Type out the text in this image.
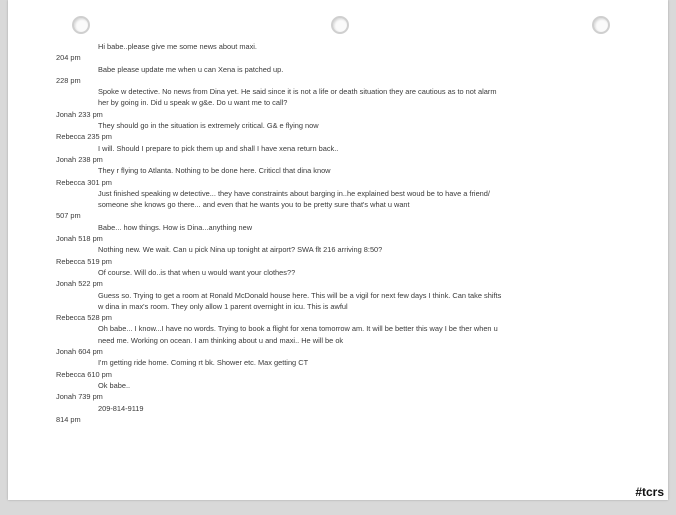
Hi babe..please give me some news about maxi.
204 pm
Babe please update me when u can Xena is patched up.
228 pm
Spoke w detective. No news from Dina yet. He said since it is not a life or death situation they are cautious as to not alarm
her by going in. Did u speak w g&e. Do u want me to call?
Jonah 233 pm
They should go in the situation is extremely critical. G& e flying now
Rebecca 235 pm
I will. Should I prepare to pick them up and shall I have xena return back..
Jonah 238 pm
They r flying to Atlanta. Nothing to be done here. Criticcl that dina know
Rebecca 301 pm
Just finished speaking w detective... they have constraints about barging in..he explained best woud be to have a friend/
someone she knows go there... and even that he wants you to be pretty sure that's what u want
507 pm
Babe... how things. How is Dina...anything new
Jonah 518 pm
Nothing new. We wait. Can u pick Nina up tonight at airport? SWA flt 216 arriving 8:50?
Rebecca 519 pm
Of course. Will do..is that when u would want your clothes??
Jonah 522 pm
Guess so. Trying to get a room at Ronald McDonald house here. This will be a vigil for next few days I think. Can take shifts
w dina in max's room. They only allow 1 parent overnight in icu. This is awful
Rebecca 528 pm
Oh babe... I know...I have no words. Trying to book a flight for xena tomorrow am. It will be better this way I be ther when u
need me. Working on ocean. I am thinking about u and maxi.. He will be ok
Jonah 604 pm
I'm getting ride home. Coming rt bk. Shower etc. Max getting CT
Rebecca 610 pm
Ok babe..
Jonah 739 pm
209-814-9119
814 pm
#tcrs
